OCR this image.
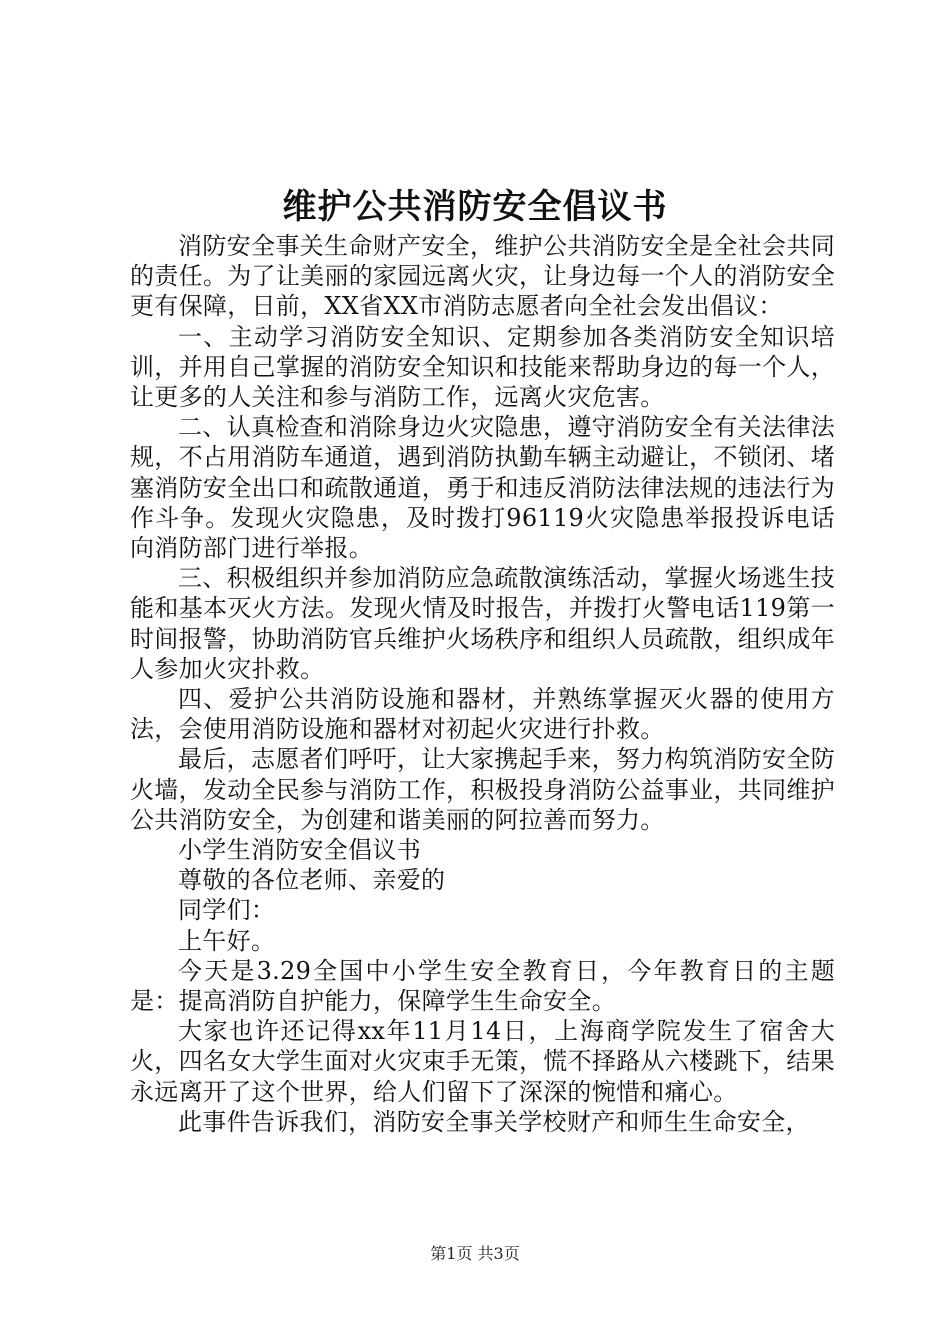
维护公共消防安全倡议书

消防安全事关生命财产安全，维护公共消防安全是全社会共同的责任。为了让美丽的家园远离火灾，让身边每一个人的消防安全更有保障，日前，XX省XX市消防志愿者向全社会发出倡议：

一、主动学习消防安全知识、定期参加各类消防安全知识培训，并用自己掌握的消防安全知识和技能来帮助身边的每一个人，让更多的人关注和参与消防工作，远离火灾危害。

二、认真检查和消除身边火灾隐患，遵守消防安全有关法律法规，不占用消防车通道，遇到消防执勤车辆主动避让，不锁闭、堵塞消防安全出口和疏散通道，勇于和违反消防法律法规的违法行为作斗争。发现火灾隐患，及时拨打96119火灾隐患举报投诉电话向消防部门进行举报。

三、积极组织并参加消防应急疏散演练活动，掌握火场逃生技能和基本灭火方法。发现火情及时报告，并拨打火警电话119第一时间报警，协助消防官兵维护火场秩序和组织人员疏散，组织成年人参加火灾扑救。

四、爱护公共消防设施和器材，并熟练掌握灭火器的使用方法，会使用消防设施和器材对初起火灾进行扑救。

最后，志愿者们呼吁，让大家携起手来，努力构筑消防安全防火墙，发动全民参与消防工作，积极投身消防公益事业，共同维护公共消防安全，为创建和谐美丽的阿拉善而努力。

小学生消防安全倡议书

尊敬的各位老师、亲爱的

同学们：

上午好。

今天是3.29全国中小学生安全教育日，今年教育日的主题是：提高消防自护能力，保障学生生命安全。

大家也许还记得xx年11月14日，上海商学院发生了宿舍大火，四名女大学生面对火灾束手无策，慌不择路从六楼跳下，结果永远离开了这个世界，给人们留下了深深的惋惜和痛心。

此事件告诉我们，消防安全事关学校财产和师生生命安全，

第1页 共3页
